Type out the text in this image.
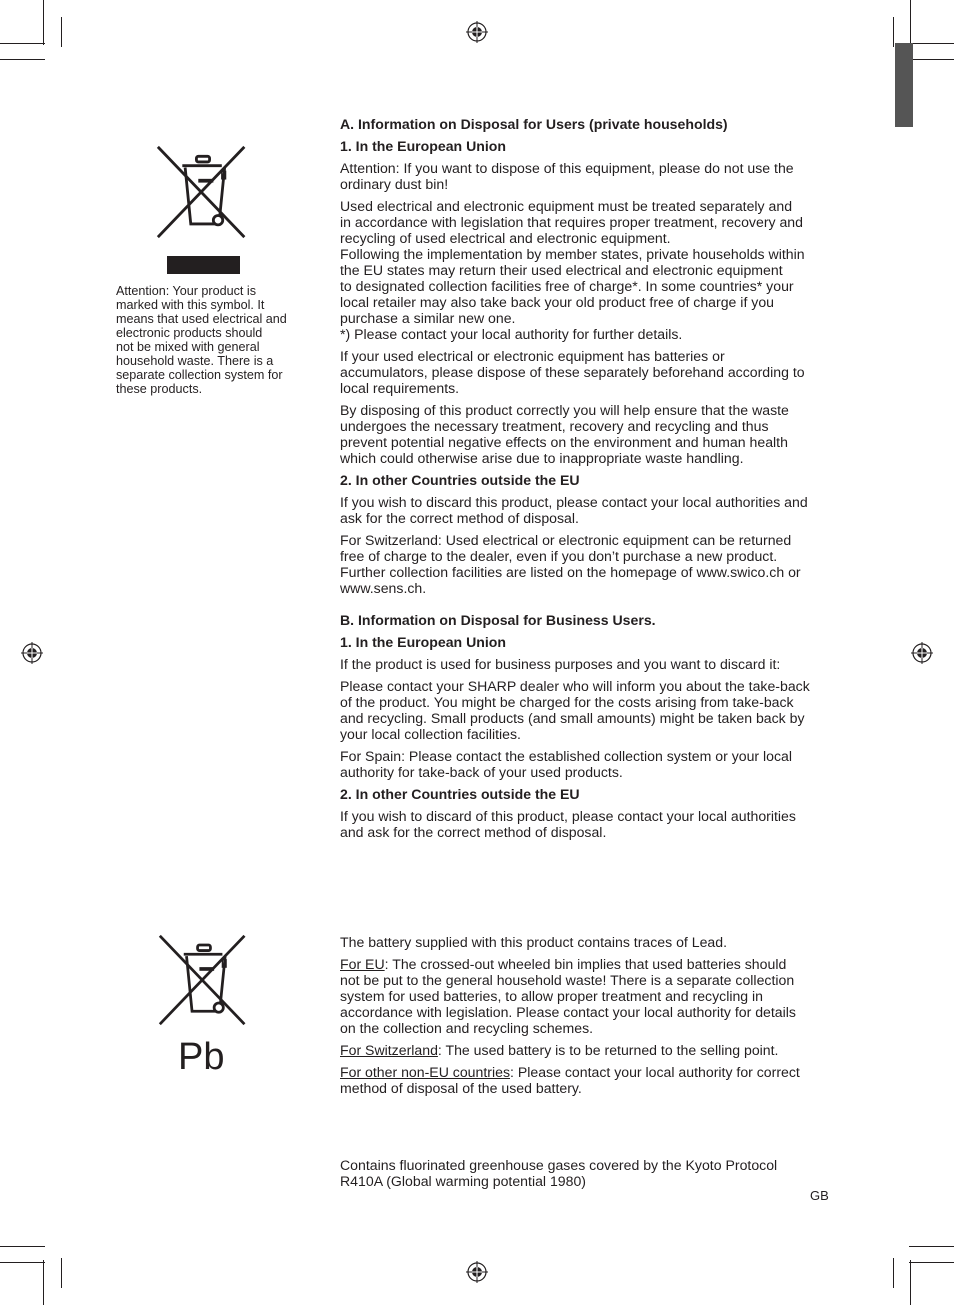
Attention: Your product is
marked with this symbol. It
means that used electrical and
electronic products should
not be mixed with general
household waste. There is a
separate collection system for
these products.
A. Information on Disposal for Users (private households)
1. In the European Union

Attention: If you want to dispose of this equipment, please do not use the
ordinary dust bin!

Used electrical and electronic equipment must be treated separately and
in accordance with legislation that requires proper treatment, recovery and
recycling of used electrical and electronic equipment.
Following the implementation by member states, private households within
the EU states may return their used electrical and electronic equipment
to designated collection facilities free of charge*. In some countries* your
local retailer may also take back your old product free of charge if you
purchase a similar new one.
*) Please contact your local authority for further details.

If your used electrical or electronic equipment has batteries or
accumulators, please dispose of these separately beforehand according to
local requirements.

By disposing of this product correctly you will help ensure that the waste
undergoes the necessary treatment, recovery and recycling and thus
prevent potential negative effects on the environment and human health
which could otherwise arise due to inappropriate waste handling.

2. In other Countries outside the EU

If you wish to discard this product, please contact your local authorities and
ask for the correct method of disposal.

For Switzerland: Used electrical or electronic equipment can be returned
free of charge to the dealer, even if you don’t purchase a new product.
Further collection facilities are listed on the homepage of www.swico.ch or
www.sens.ch.

B. Information on Disposal for Business Users.
1. In the European Union

If the product is used for business purposes and you want to discard it:

Please contact your SHARP dealer who will inform you about the take-back
of the product. You might be charged for the costs arising from take-back
and recycling. Small products (and small amounts) might be taken back by
your local collection facilities.

For Spain: Please contact the established collection system or your local
authority for take-back of your used products.

2. In other Countries outside the EU

If you wish to discard of this product, please contact your local authorities
and ask for the correct method of disposal.

Pb

The battery supplied with this product contains traces of Lead.

For EU: The crossed-out wheeled bin implies that used batteries should
not be put to the general household waste! There is a separate collection
system for used batteries, to allow proper treatment and recycling in
accordance with legislation. Please contact your local authority for details
on the collection and recycling schemes.

For Switzerland: The used battery is to be returned to the selling point.

For other non-EU countries: Please contact your local authority for correct
method of disposal of the used battery.

Contains fluorinated greenhouse gases covered by the Kyoto Protocol
R410A (Global warming potential 1980)

GB
